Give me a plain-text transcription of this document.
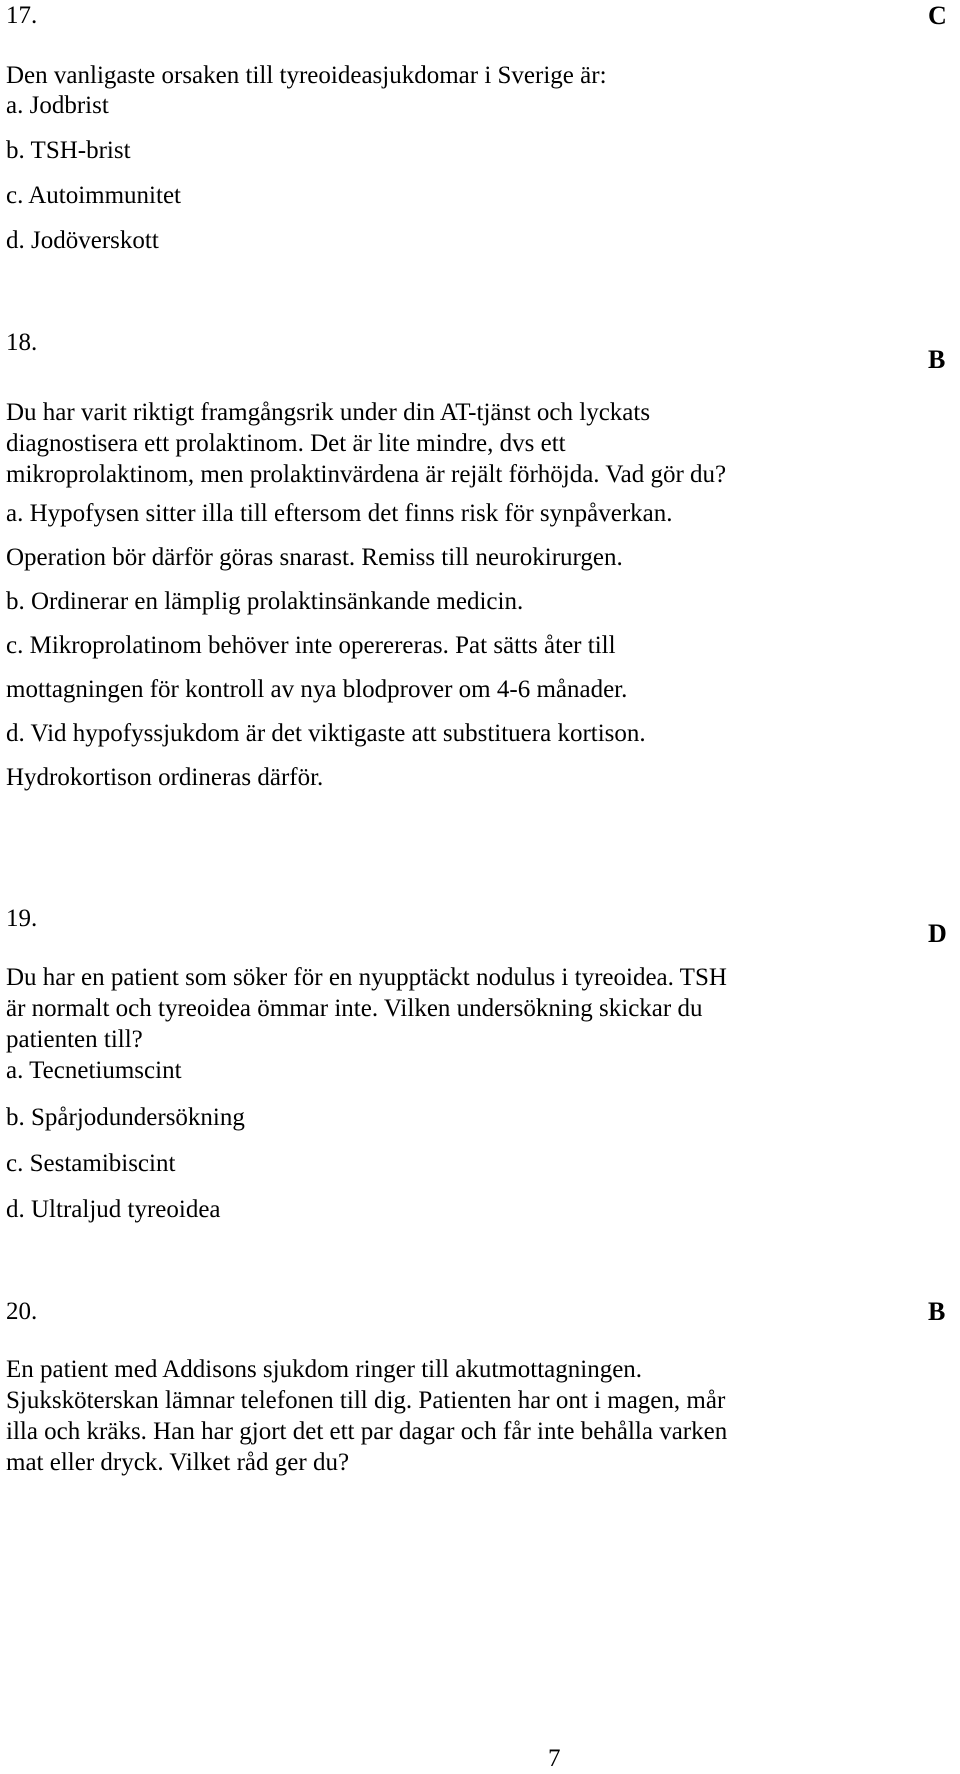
17.	C
Den vanligaste orsaken till tyreoideasjukdomar i Sverige är:
a. Jodbrist
b. TSH-brist
c. Autoimmunitet
d. Jodöverskott
18.
B
Du har varit riktigt framgångsrik under din AT-tjänst och lyckats
diagnostisera ett prolaktinom. Det är lite mindre, dvs ett
mikroprolaktinom, men prolaktinvärdena är rejält förhöjda. Vad gör du?
a. Hypofysen sitter illa till eftersom det finns risk för synpåverkan.
Operation bör därför göras snarast. Remiss till neurokirurgen.
b. Ordinerar en lämplig prolaktinsänkande medicin.
c. Mikroprolatinom behöver inte operereras. Pat sätts åter till
mottagningen för kontroll av nya blodprover om 4-6 månader.
d. Vid hypofyssjukdom är det viktigaste att substituera kortison.
Hydrokortison ordineras därför.
19.
D
Du har en patient som söker för en nyupptäckt nodulus i tyreoidea. TSH
är normalt och tyreoidea ömmar inte. Vilken undersökning skickar du
patienten till?
a. Tecnetiumscint
b. Spårjodundersökning
c. Sestamibiscint
d. Ultraljud tyreoidea
20.	B
En patient med Addisons sjukdom ringer till akutmottagningen.
Sjuksköterskan lämnar telefonen till dig. Patienten har ont i magen, mår
illa och kräks. Han har gjort det ett par dagar och får inte behålla varken
mat eller dryck. Vilket råd ger du?
7
